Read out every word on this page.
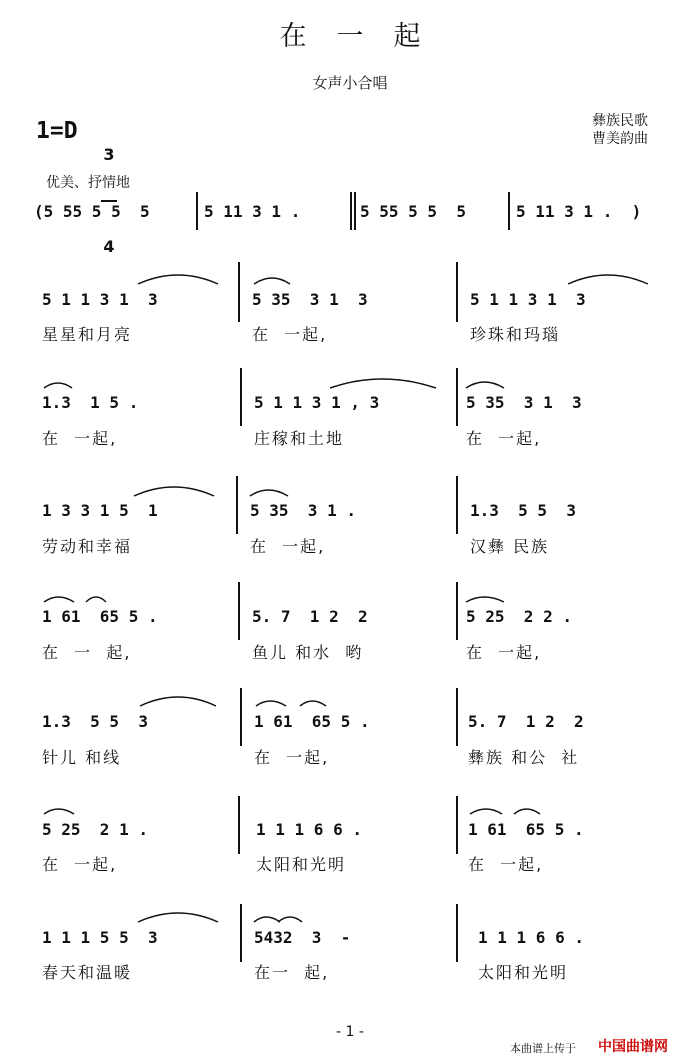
在一起
女声小合唱
1=D

3

4

彝族民歌
曹美韵曲
优美、抒情地
(5 55 5 5  5	5 11 3 1 .	5 55 5 5  5	5 11 3 1 .  )
5 1 1 3 1  3
星星和月亮
5 35  3 1  3
在  一起,
5 1 1 3 1  3
珍珠和玛瑙
1.3  1 5 .
在  一起,
5 1 1 3 1 , 3
庄稼和土地
5 35  3 1  3
在  一起,
1 3 3 1 5  1
劳动和幸福
5 35  3 1 .
在  一起,
1.3  5 5  3
汉彝 民族
1 61  65 5 .
在  一  起,
5. 7  1 2  2
鱼儿 和水  哟
5 25  2 2 .
在  一起,
1.3  5 5  3
针儿 和线
1 61  65 5 .
在  一起,
5. 7  1 2  2
彝族 和公  社
5 25  2 1 .
在  一起,
1 1 1 6 6 .
太阳和光明
1 61  65 5 .
在  一起,
1 1 1 5 5  3
春天和温暖
5432  3  -
在一  起,
1 1 1 6 6 .
太阳和光明
- 1 -
本曲谱上传于 中国曲谱网
